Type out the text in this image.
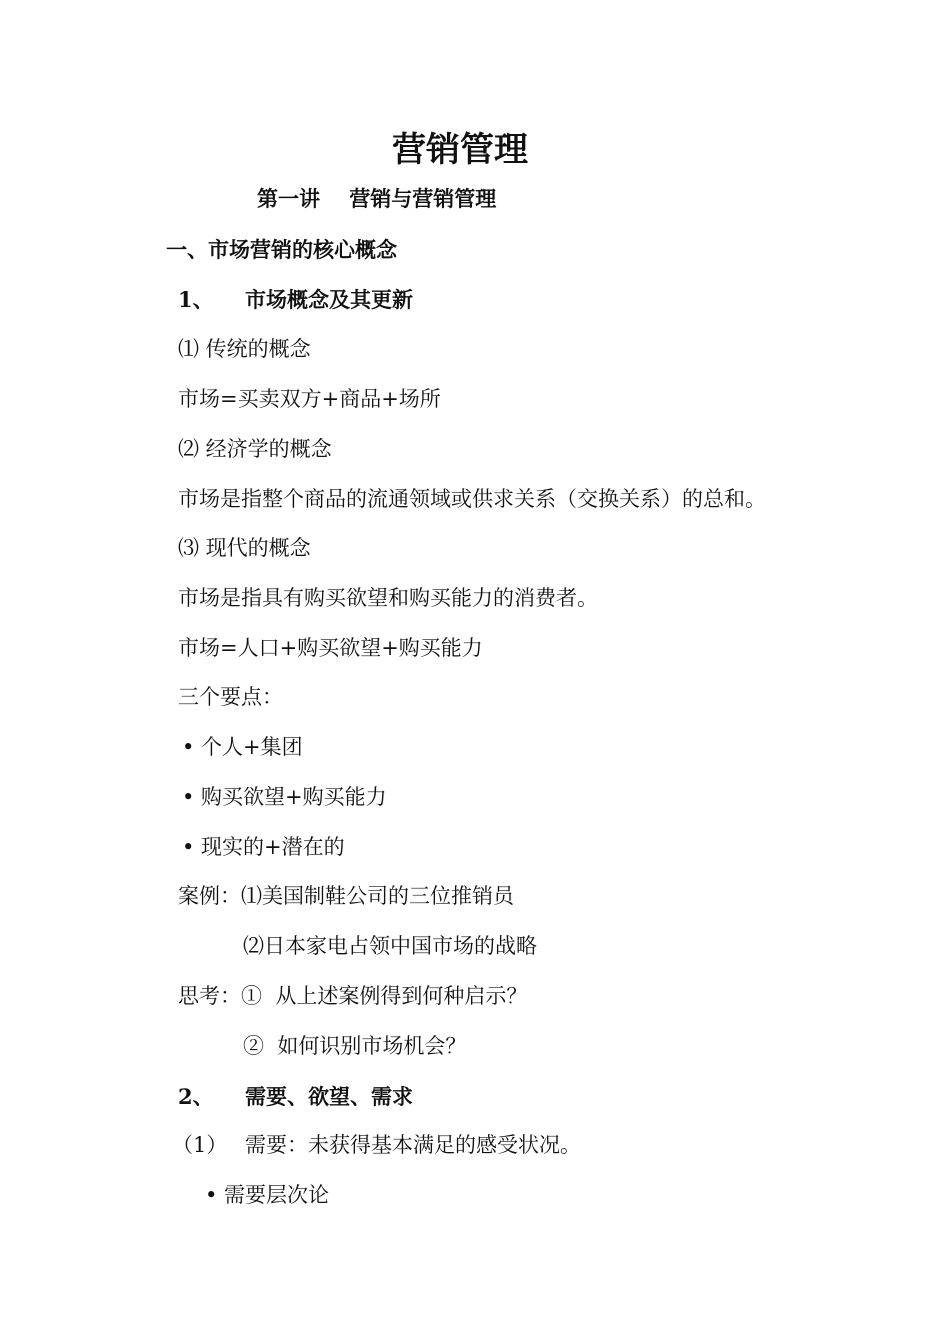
营销管理
第一讲    营销与营销管理
一、市场营销的核心概念
1、 市场概念及其更新
⑴ 传统的概念
市场=买卖双方+商品+场所
⑵ 经济学的概念
市场是指整个商品的流通领域或供求关系（交换关系）的总和。
⑶ 现代的概念
市场是指具有购买欲望和购买能力的消费者。
市场=人口+购买欲望+购买能力
三个要点：
• 个人+集团
• 购买欲望+购买能力
• 现实的+潜在的
案例：⑴美国制鞋公司的三位推销员
⑵日本家电占领中国市场的战略
思考：①  从上述案例得到何种启示？
②  如何识别市场机会？
2、 需要、欲望、需求
（1） 需要：未获得基本满足的感受状况。
• 需要层次论
